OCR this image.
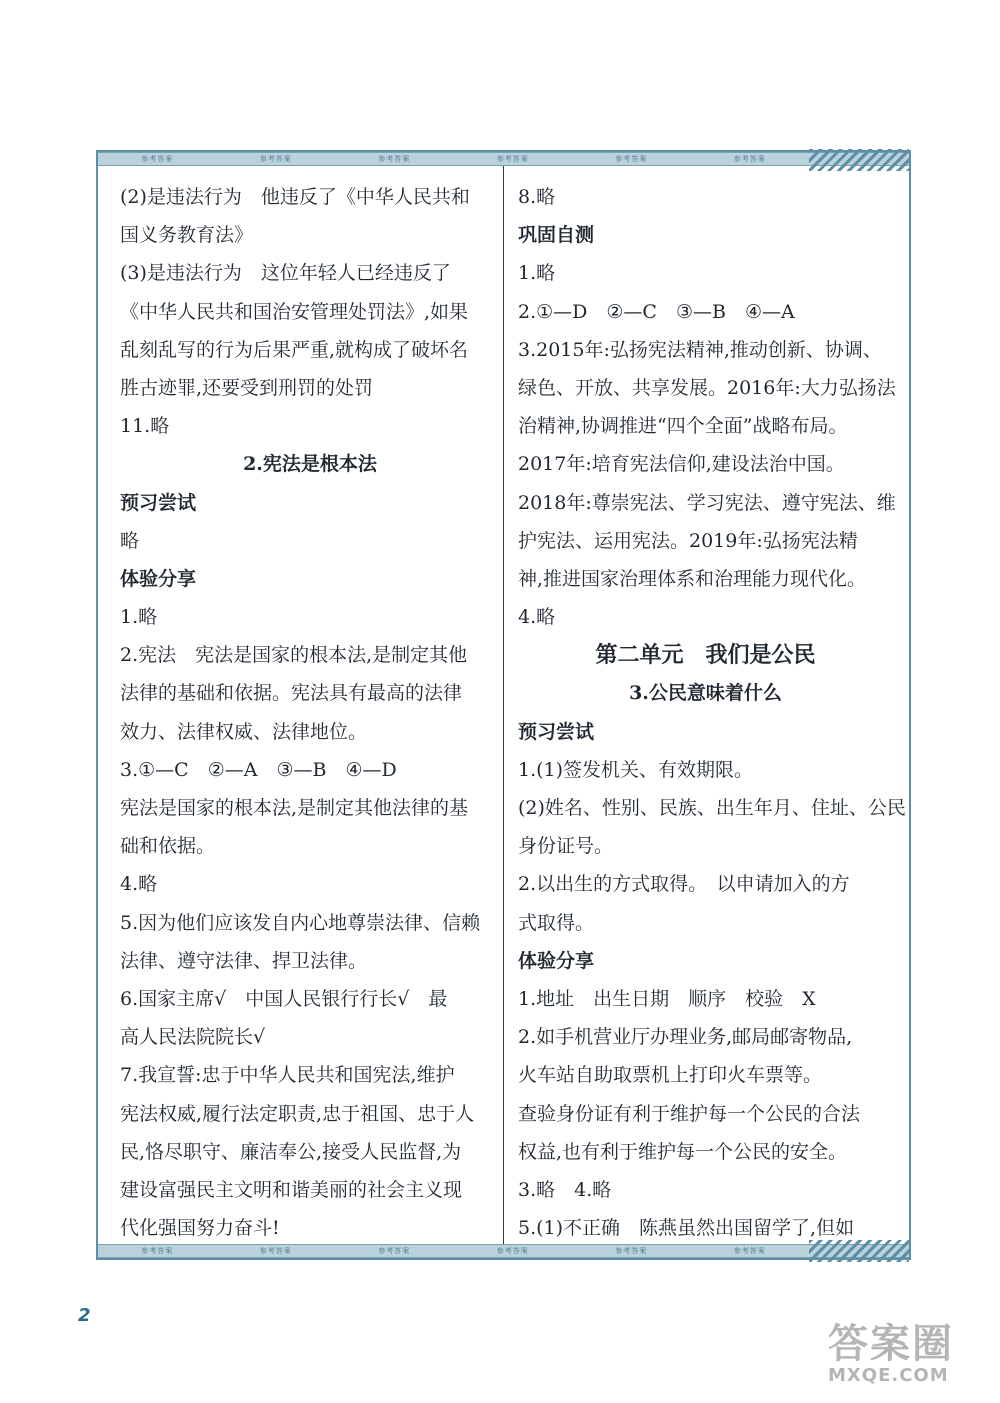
参考答案	参考答案	参考答案	参考答案	参考答案	参考答案
(2)是违法行为　他违反了《中华人民共和
国义务教育法》
(3)是违法行为　这位年轻人已经违反了
《中华人民共和国治安管理处罚法》,如果
乱刻乱写的行为后果严重,就构成了破坏名
胜古迹罪,还要受到刑罚的处罚
11.略
2.宪法是根本法
预习尝试
略
体验分享
1.略
2.宪法　宪法是国家的根本法,是制定其他
法律的基础和依据。宪法具有最高的法律
效力、法律权威、法律地位。
3.①—C　②—A　③—B　④—D
宪法是国家的根本法,是制定其他法律的基
础和依据。
4.略
5.因为他们应该发自内心地尊崇法律、信赖
法律、遵守法律、捍卫法律。
6.国家主席√　中国人民银行行长√　最
高人民法院院长√
7.我宣誓:忠于中华人民共和国宪法,维护
宪法权威,履行法定职责,忠于祖国、忠于人
民,恪尽职守、廉洁奉公,接受人民监督,为
建设富强民主文明和谐美丽的社会主义现
代化强国努力奋斗!
8.略
巩固自测
1.略
2.①—D　②—C　③—B　④—A
3.2015年:弘扬宪法精神,推动创新、协调、
绿色、开放、共享发展。2016年:大力弘扬法
治精神,协调推进“四个全面”战略布局。
2017年:培育宪法信仰,建设法治中国。
2018年:尊崇宪法、学习宪法、遵守宪法、维
护宪法、运用宪法。2019年:弘扬宪法精
神,推进国家治理体系和治理能力现代化。
4.略
第二单元　我们是公民
3.公民意味着什么
预习尝试
1.(1)签发机关、有效期限。
(2)姓名、性别、民族、出生年月、住址、公民
身份证号。
2.以出生的方式取得。　以申请加入的方
式取得。
体验分享
1.地址　出生日期　顺序　校验　X
2.如手机营业厅办理业务,邮局邮寄物品,
火车站自助取票机上打印火车票等。
查验身份证有利于维护每一个公民的合法
权益,也有利于维护每一个公民的安全。
3.略　4.略
5.(1)不正确　陈燕虽然出国留学了,但如
参考答案	参考答案	参考答案	参考答案	参考答案	参考答案
2
答案圈
MXQE.COM
